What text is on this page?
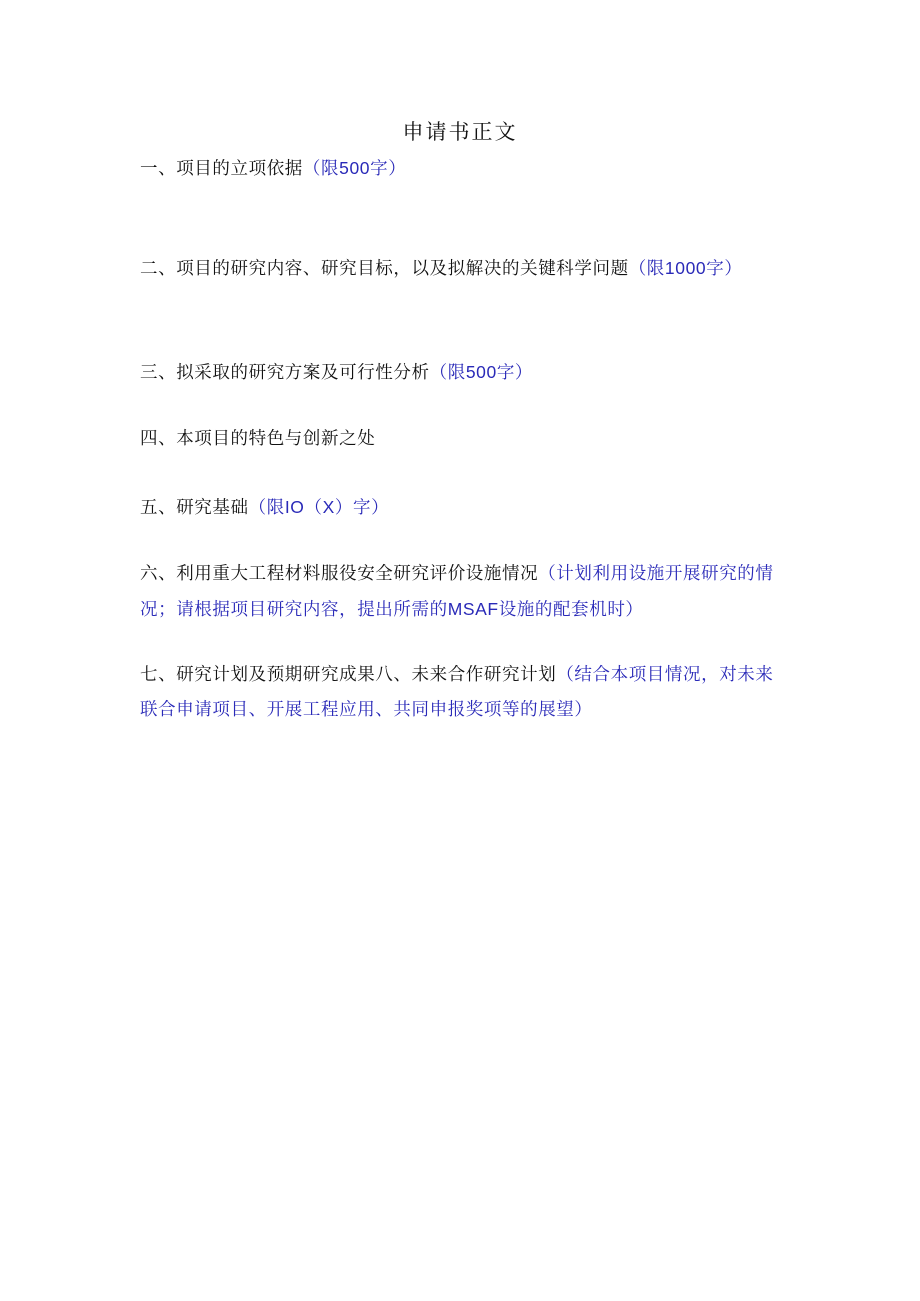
申请书正文
一、项目的立项依据（限500字）
二、项目的研究内容、研究目标，以及拟解决的关键科学问题（限1000字）
三、拟采取的研究方案及可行性分析（限500字）
四、本项目的特色与创新之处
五、研究基础（限IO（X）字）
六、利用重大工程材料服役安全研究评价设施情况（计划利用设施开展研究的情况；请根据项目研究内容，提出所需的MSAF设施的配套机时）
七、研究计划及预期研究成果八、未来合作研究计划（结合本项目情况，对未来联合申请项目、开展工程应用、共同申报奖项等的展望）
